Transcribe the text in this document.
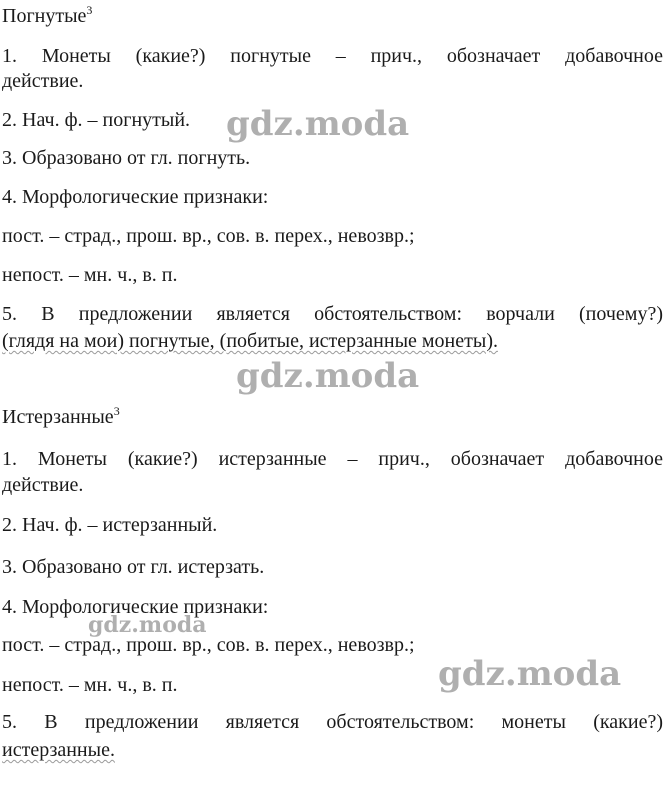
Погнутые$^3$
1. Монеты (какие?) погнутые – прич., обозначает добавочное
действие.
2. Нач. ф. – погнутый.
3. Образовано от гл. погнуть.
4. Морфологические признаки:
пост. – страд., прош. вр., сов. в. перех., невозвр.;
непост. – мн. ч., в. п.
5. В предложении является обстоятельством: ворчали (почему?)
(глядя на мои) погнутые, (побитые, истерзанные монеты).
Истерзанные$^3$
1. Монеты (какие?) истерзанные – прич., обозначает добавочное
действие.
2. Нач. ф. – истерзанный.
3. Образовано от гл. истерзать.
4. Морфологические признаки:
пост. – страд., прош. вр., сов. в. перех., невозвр.;
непост. – мн. ч., в. п.
5. В предложении является обстоятельством: монеты (какие?)
истерзанные.
gdz.moda
gdz.moda
gdz.moda
gdz.moda
